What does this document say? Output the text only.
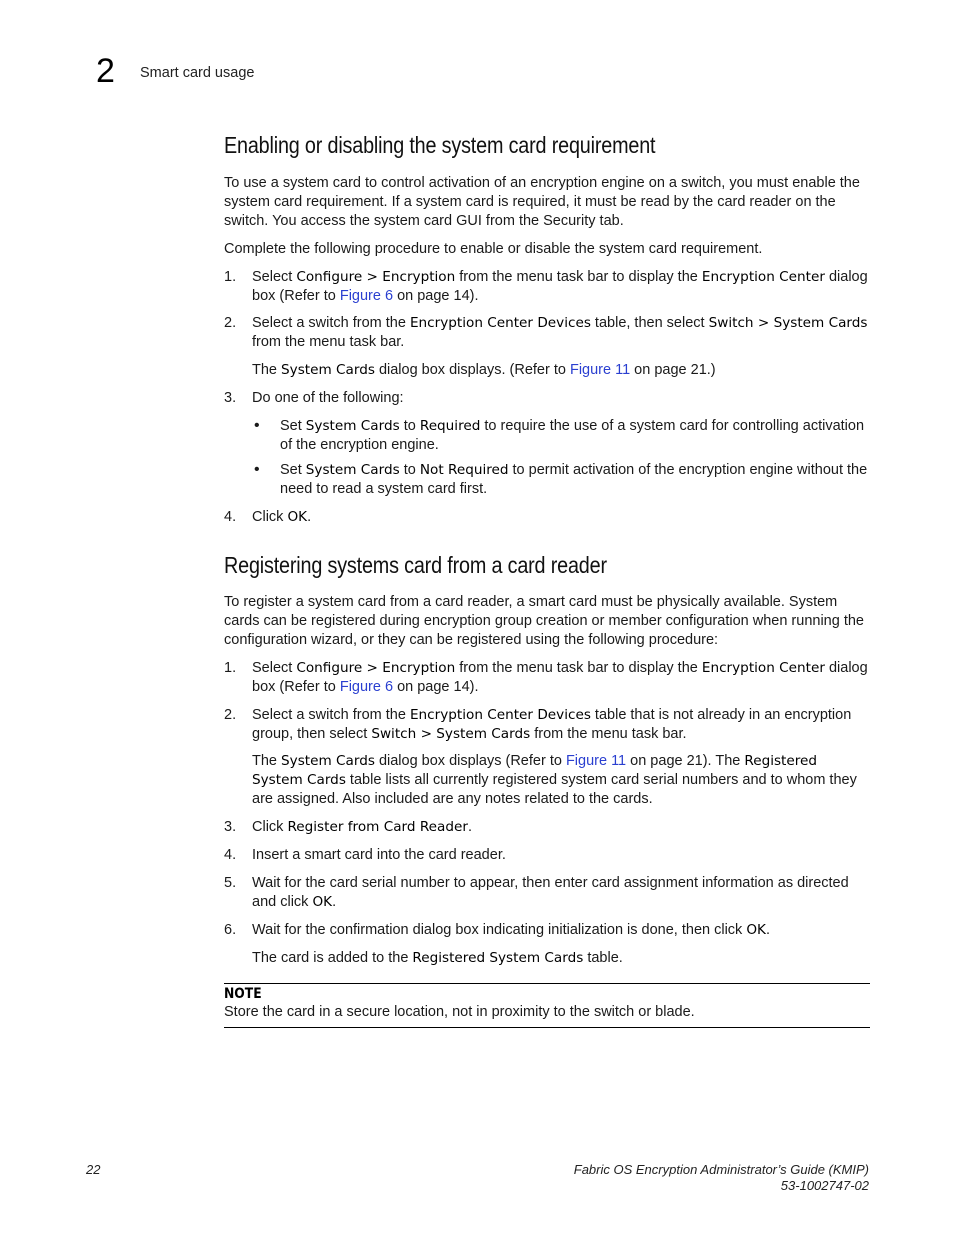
2 Smart card usage
Enabling or disabling the system card requirement
To use a system card to control activation of an encryption engine on a switch, you must enable the system card requirement. If a system card is required, it must be read by the card reader on the switch. You access the system card GUI from the Security tab.
Complete the following procedure to enable or disable the system card requirement.
1. Select Configure > Encryption from the menu task bar to display the Encryption Center dialog box (Refer to Figure 6 on page 14).
2. Select a switch from the Encryption Center Devices table, then select Switch > System Cards from the menu task bar.
The System Cards dialog box displays. (Refer to Figure 11 on page 21.)
3. Do one of the following:
• Set System Cards to Required to require the use of a system card for controlling activation of the encryption engine.
• Set System Cards to Not Required to permit activation of the encryption engine without the need to read a system card first.
4. Click OK.
Registering systems card from a card reader
To register a system card from a card reader, a smart card must be physically available. System cards can be registered during encryption group creation or member configuration when running the configuration wizard, or they can be registered using the following procedure:
1. Select Configure > Encryption from the menu task bar to display the Encryption Center dialog box (Refer to Figure 6 on page 14).
2. Select a switch from the Encryption Center Devices table that is not already in an encryption group, then select Switch > System Cards from the menu task bar.
The System Cards dialog box displays (Refer to Figure 11 on page 21). The Registered System Cards table lists all currently registered system card serial numbers and to whom they are assigned. Also included are any notes related to the cards.
3. Click Register from Card Reader.
4. Insert a smart card into the card reader.
5. Wait for the card serial number to appear, then enter card assignment information as directed and click OK.
6. Wait for the confirmation dialog box indicating initialization is done, then click OK.
The card is added to the Registered System Cards table.
NOTE
Store the card in a secure location, not in proximity to the switch or blade.
22	Fabric OS Encryption Administrator’s Guide (KMIP)
53-1002747-02
